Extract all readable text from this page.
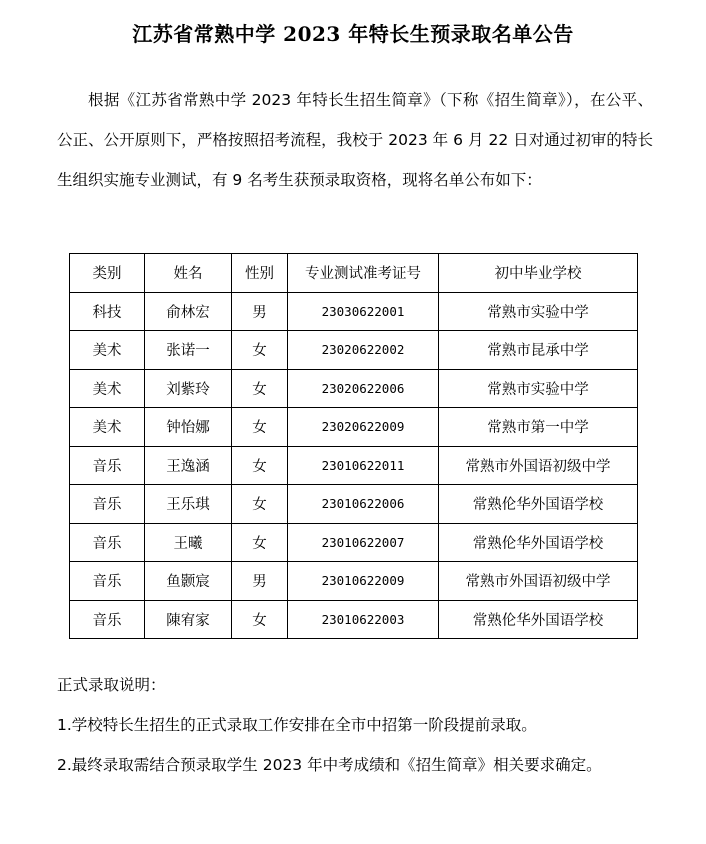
江苏省常熟中学 2023 年特长生预录取名单公告
根据《江苏省常熟中学 2023 年特长生招生简章》（下称《招生简章》），在公平、公正、公开原则下，严格按照招考流程，我校于 2023 年 6 月 22 日对通过初审的特长生组织实施专业测试，有 9 名考生获预录取资格，现将名单公布如下：
类别	姓名	性别	专业测试准考证号	初中毕业学校
科技	俞林宏	男	23030622001	常熟市实验中学
美术	张诺一	女	23020622002	常熟市昆承中学
美术	刘紫玲	女	23020622006	常熟市实验中学
美术	钟怡娜	女	23020622009	常熟市第一中学
音乐	王逸涵	女	23010622011	常熟市外国语初级中学
音乐	王乐琪	女	23010622006	常熟伦华外国语学校
音乐	王曦	女	23010622007	常熟伦华外国语学校
音乐	鱼颢宸	男	23010622009	常熟市外国语初级中学
音乐	陳宥家	女	23010622003	常熟伦华外国语学校

正式录取说明：

1.学校特长生招生的正式录取工作安排在全市中招第一阶段提前录取。

2.最终录取需结合预录取学生 2023 年中考成绩和《招生简章》相关要求确定。
